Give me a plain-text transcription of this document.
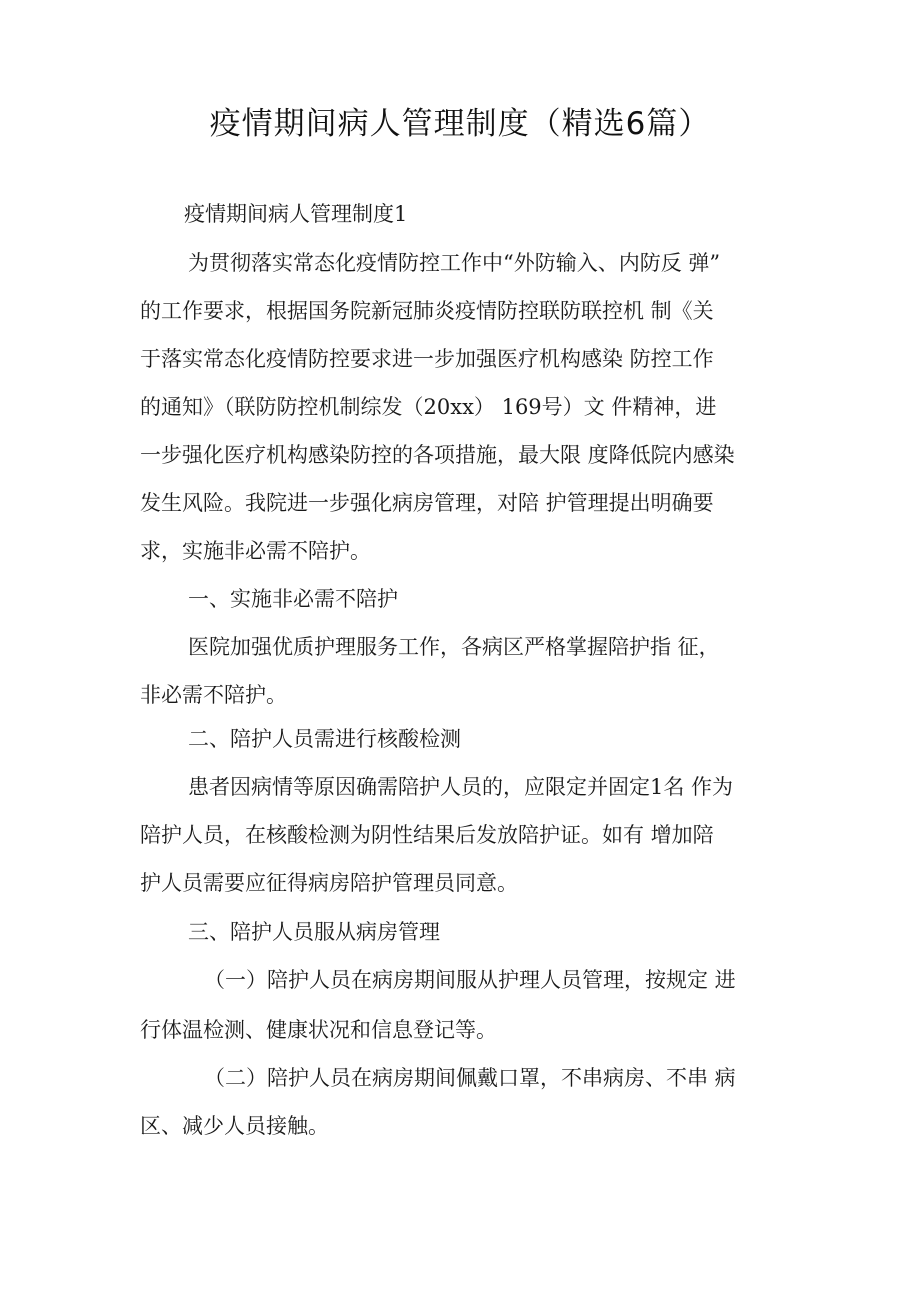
疫情期间病人管理制度（精选6篇）
疫情期间病人管理制度1
为贯彻落实常态化疫情防控工作中“外防输入、内防反 弹”
的工作要求，根据国务院新冠肺炎疫情防控联防联控机 制《关
于落实常态化疫情防控要求进一步加强医疗机构感染 防控工作
的通知》（联防防控机制综发（20xx） 169号）文 件精神，进
一步强化医疗机构感染防控的各项措施，最大限 度降低院内感染
发生风险。我院进一步强化病房管理，对陪 护管理提出明确要
求，实施非必需不陪护。
一、实施非必需不陪护
医院加强优质护理服务工作，各病区严格掌握陪护指 征，
非必需不陪护。
二、陪护人员需进行核酸检测
患者因病情等原因确需陪护人员的，应限定并固定1名 作为
陪护人员，在核酸检测为阴性结果后发放陪护证。如有 增加陪
护人员需要应征得病房陪护管理员同意。
三、陪护人员服从病房管理
（一）陪护人员在病房期间服从护理人员管理，按规定 进
行体温检测、健康状况和信息登记等。
（二）陪护人员在病房期间佩戴口罩，不串病房、不串 病
区、减少人员接触。
